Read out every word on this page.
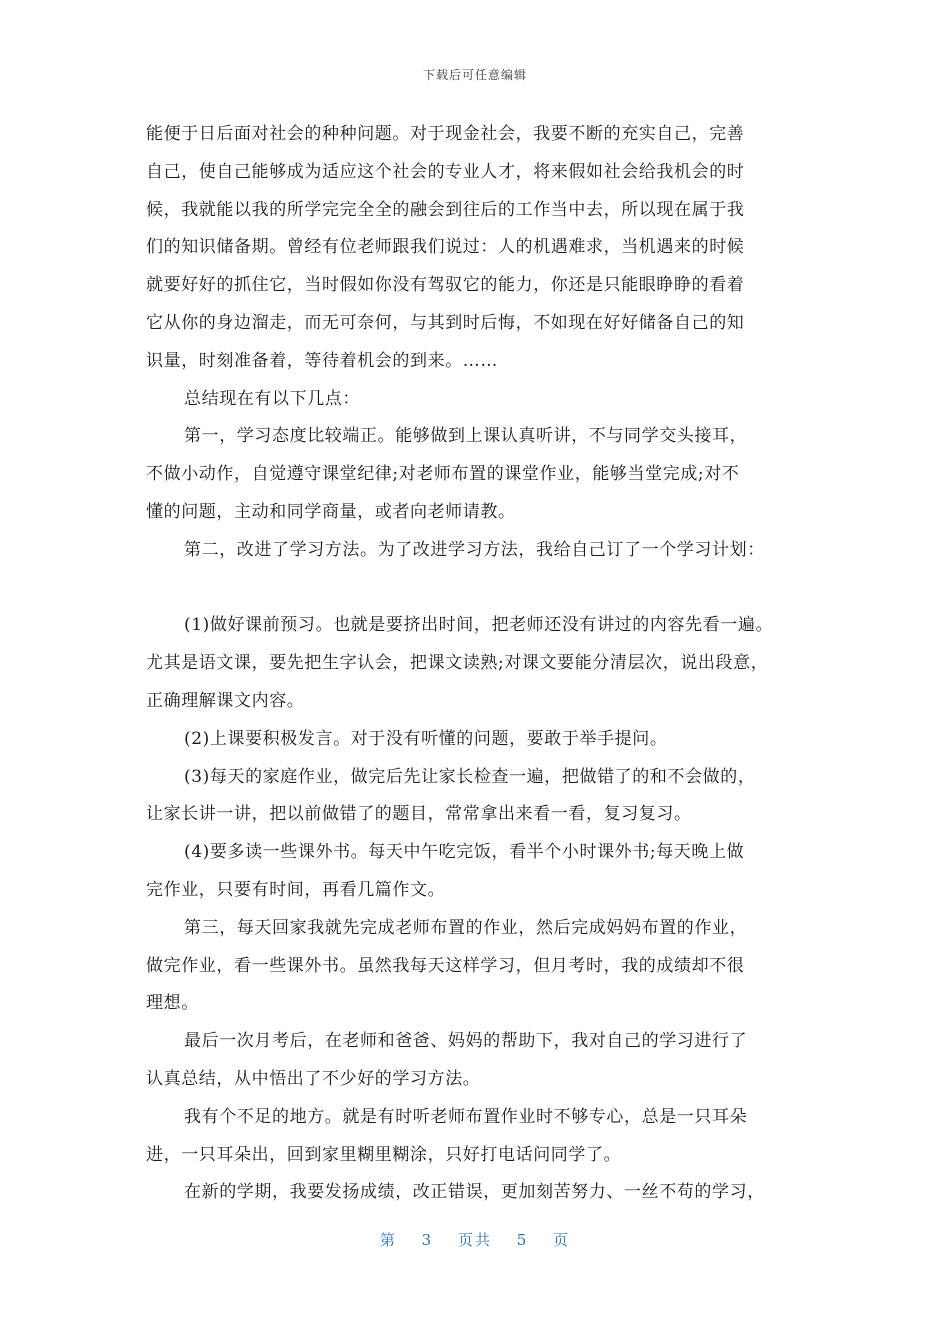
下载后可任意编辑

能便于日后面对社会的种种问题。对于现金社会，我要不断的充实自己，完善

自己，使自己能够成为适应这个社会的专业人才，将来假如社会给我机会的时

候，我就能以我的所学完完全全的融会到往后的工作当中去，所以现在属于我

们的知识储备期。曾经有位老师跟我们说过：人的机遇难求，当机遇来的时候

就要好好的抓住它，当时假如你没有驾驭它的能力，你还是只能眼睁睁的看着

它从你的身边溜走，而无可奈何，与其到时后悔，不如现在好好储备自己的知

识量，时刻准备着，等待着机会的到来。……

总结现在有以下几点：

第一，学习态度比较端正。能够做到上课认真听讲，不与同学交头接耳，

不做小动作，自觉遵守课堂纪律;对老师布置的课堂作业，能够当堂完成;对不

懂的问题，主动和同学商量，或者向老师请教。

第二，改进了学习方法。为了改进学习方法，我给自己订了一个学习计划：

(1)做好课前预习。也就是要挤出时间，把老师还没有讲过的内容先看一遍。

尤其是语文课，要先把生字认会，把课文读熟;对课文要能分清层次，说出段意，

正确理解课文内容。

(2)上课要积极发言。对于没有听懂的问题，要敢于举手提问。

(3)每天的家庭作业，做完后先让家长检查一遍，把做错了的和不会做的，

让家长讲一讲，把以前做错了的题目，常常拿出来看一看，复习复习。

(4)要多读一些课外书。每天中午吃完饭，看半个小时课外书;每天晚上做

完作业，只要有时间，再看几篇作文。

第三，每天回家我就先完成老师布置的作业，然后完成妈妈布置的作业，

做完作业，看一些课外书。虽然我每天这样学习，但月考时，我的成绩却不很

理想。

最后一次月考后，在老师和爸爸、妈妈的帮助下，我对自己的学习进行了

认真总结，从中悟出了不少好的学习方法。

我有个不足的地方。就是有时听老师布置作业时不够专心，总是一只耳朵

进，一只耳朵出，回到家里糊里糊涂，只好打电话问同学了。

在新的学期，我要发扬成绩，改正错误，更加刻苦努力、一丝不苟的学习，

第 3 页共 5 页
